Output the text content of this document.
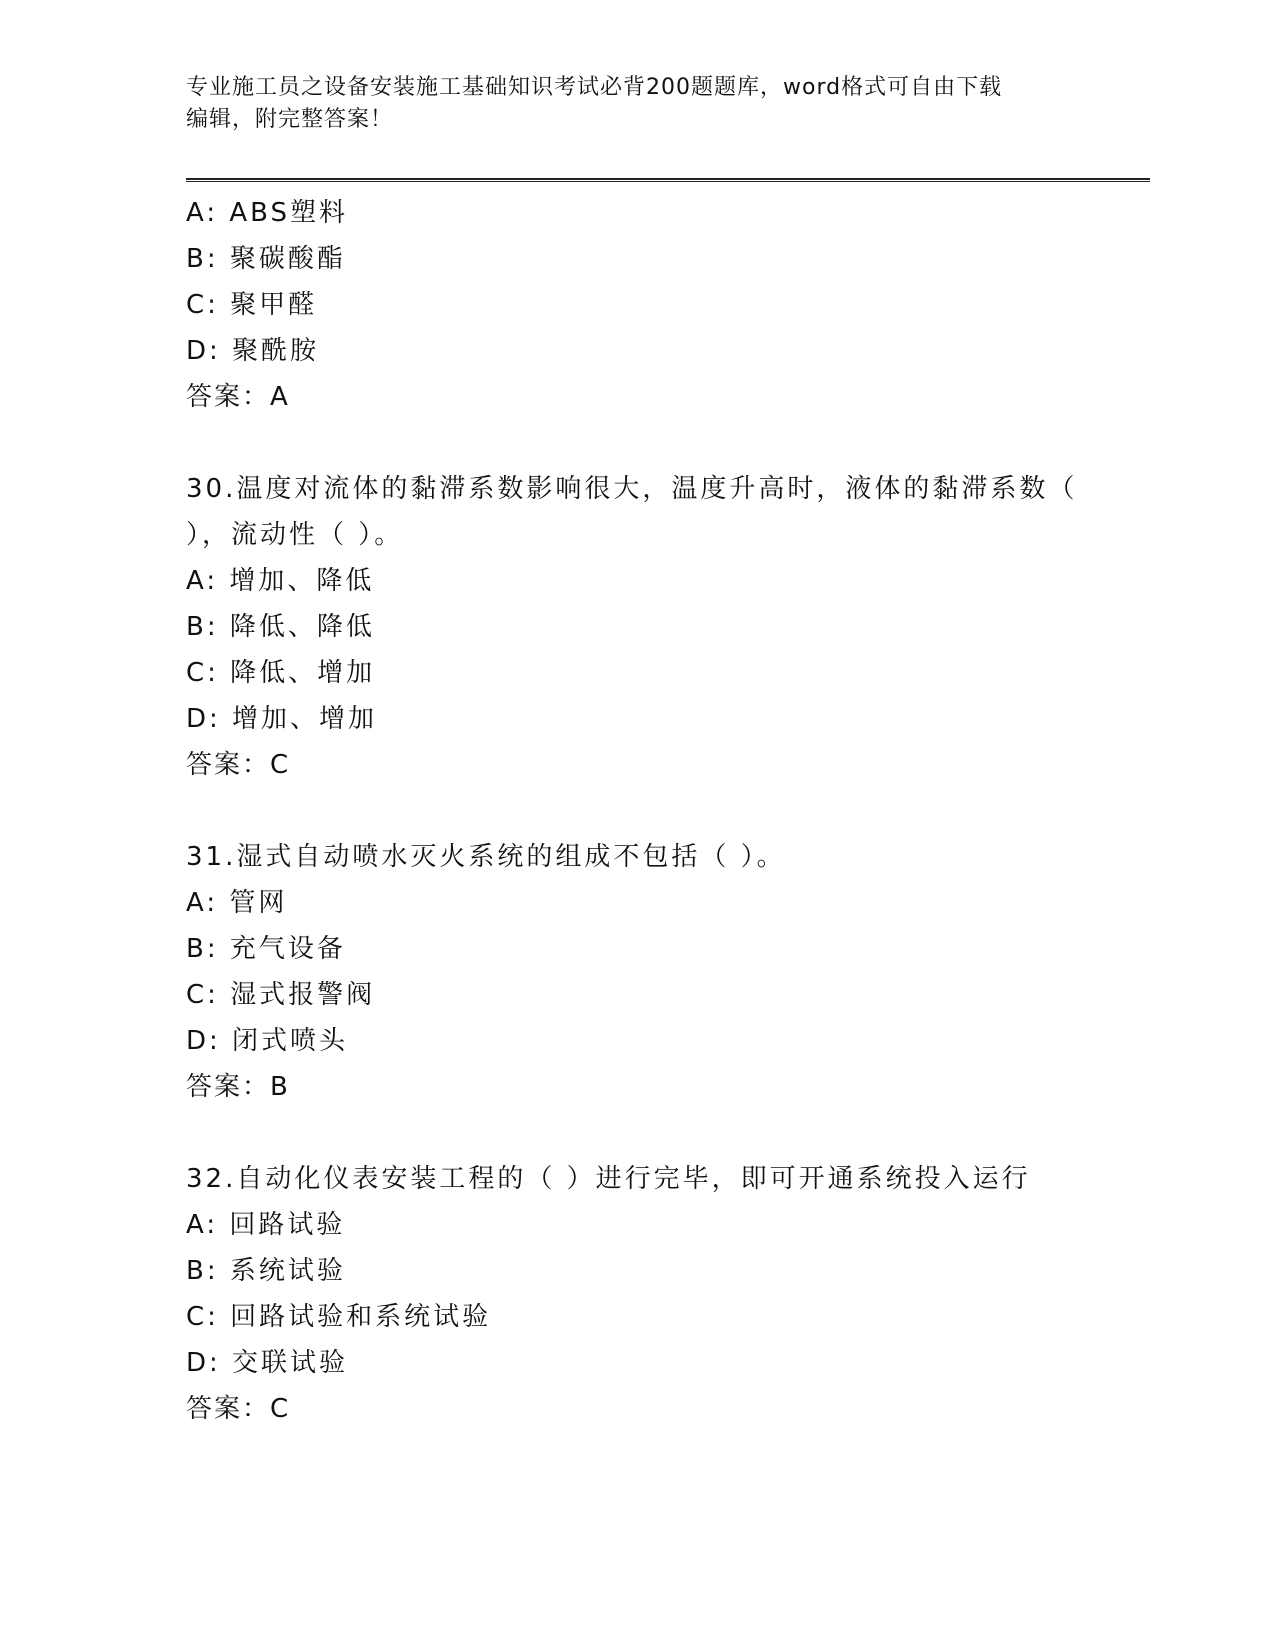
专业施工员之设备安装施工基础知识考试必背200题题库，word格式可自由下载
编辑，附完整答案！
A: ABS塑料
B: 聚碳酸酯
C: 聚甲醛
D: 聚酰胺
答案：A
30.温度对流体的黏滞系数影响很大，温度升高时，液体的黏滞系数（
），流动性（ ）。
A: 增加、降低
B: 降低、降低
C: 降低、增加
D: 增加、增加
答案：C
31.湿式自动喷水灭火系统的组成不包括（ ）。
A: 管网
B: 充气设备
C: 湿式报警阀
D: 闭式喷头
答案：B
32.自动化仪表安装工程的（ ）进行完毕，即可开通系统投入运行
A: 回路试验
B: 系统试验
C: 回路试验和系统试验
D: 交联试验
答案：C
